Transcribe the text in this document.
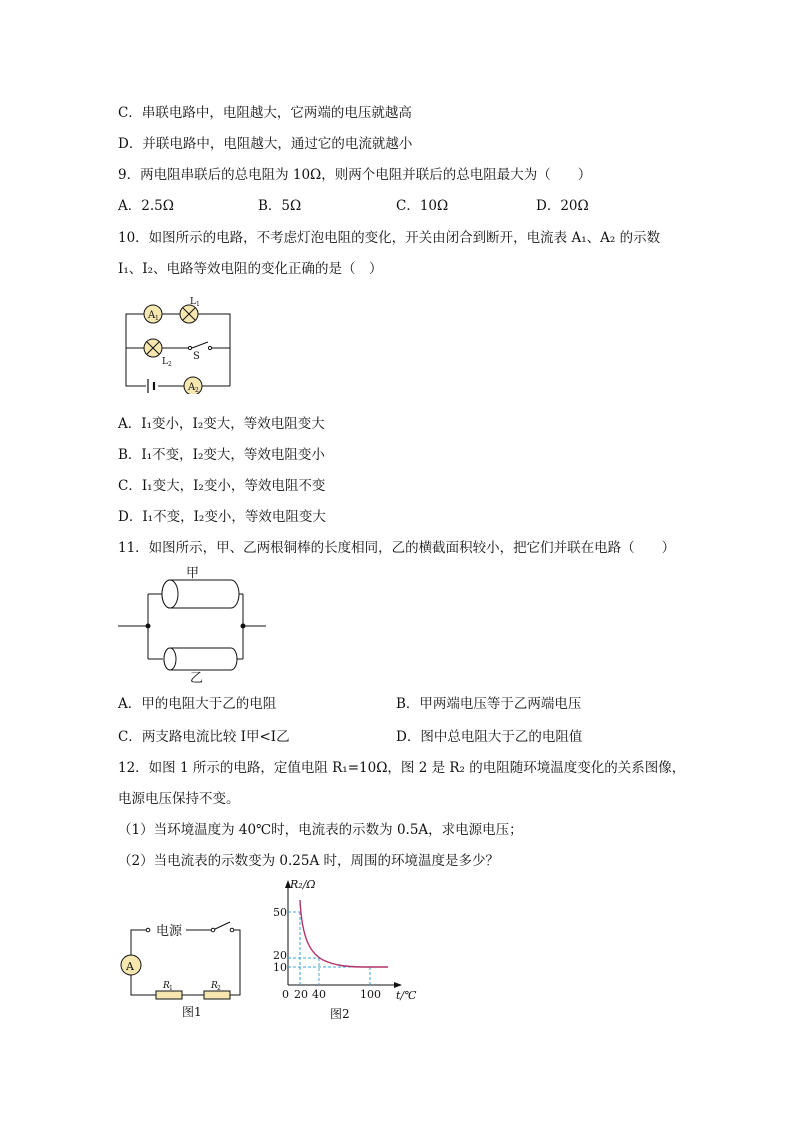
C．串联电路中，电阻越大，它两端的电压就越高
D．并联电路中，电阻越大，通过它的电流就越小
9．两电阻串联后的总电阻为 10Ω，则两个电阻并联后的总电阻最大为（　　）
A．2.5Ω	B．5Ω	C．10Ω	D．20Ω
10．如图所示的电路，不考虑灯泡电阻的变化，开关由闭合到断开，电流表 A₁、A₂ 的示数
I₁、I₂、电路等效电阻的变化正确的是（　）
A 1
L 1
L 2
S
A 2
A．I₁变小，I₂变大，等效电阻变大
B．I₁不变，I₂变大，等效电阻变小
C．I₁变大，I₂变小，等效电阻不变
D．I₁不变，I₂变小，等效电阻变大
11．如图所示，甲、乙两根铜棒的长度相同，乙的横截面积较小，把它们并联在电路（　　）
甲
乙
A．甲的电阻大于乙的电阻	B．甲两端电压等于乙两端电压
C．两支路电流比较 I甲<I乙	D．图中总电阻大于乙的电阻值
12．如图 1 所示的电路，定值电阻 R₁=10Ω，图 2 是 R₂ 的电阻随环境温度变化的关系图像，
电源电压保持不变。
（1）当环境温度为 40℃时，电流表的示数为 0.5A，求电源电压；
（2）当电流表的示数变为 0.25A 时，周围的环境温度是多少？
电源
A
R 1	R 2
图1
R₂/Ω
t/℃
50
20
10
0 20 40	100
图2
